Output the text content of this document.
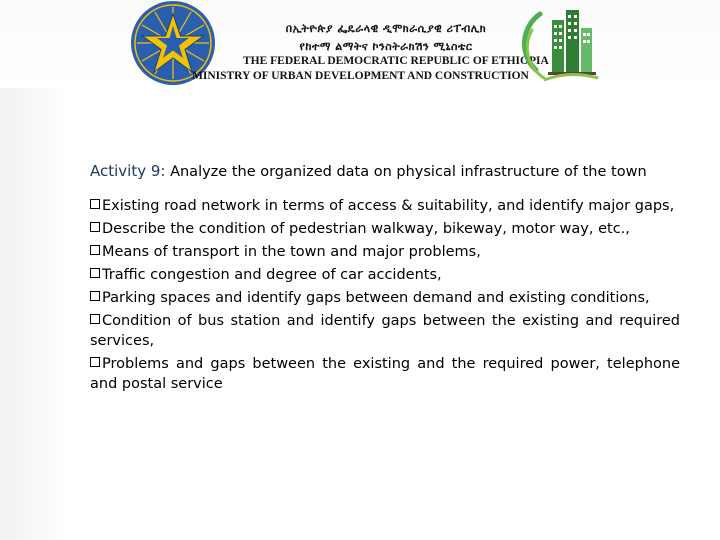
በኢትዮጵያ ፌዴራላዊ ዲሞክራሲያዊ ሪፐብሊክ
የከተማ ልማትና ኮንስትራክሽን ሚኒስቴር
THE FEDERAL DEMOCRATIC REPUBLIC OF ETHIOPIA
MINISTRY OF URBAN DEVELOPMENT AND CONSTRUCTION

Activity 9: Analyze the organized data on physical infrastructure of the town

Existing road network in terms of access & suitability, and identify major gaps,
Describe the condition of pedestrian walkway, bikeway, motor way, etc.,
Means of transport in the town and major problems,
Traffic congestion and degree of car accidents,
Parking spaces and identify gaps between demand and existing conditions,
Condition of bus station and identify gaps between the existing and required services,
Problems and gaps between the existing and the required power, telephone and postal service
